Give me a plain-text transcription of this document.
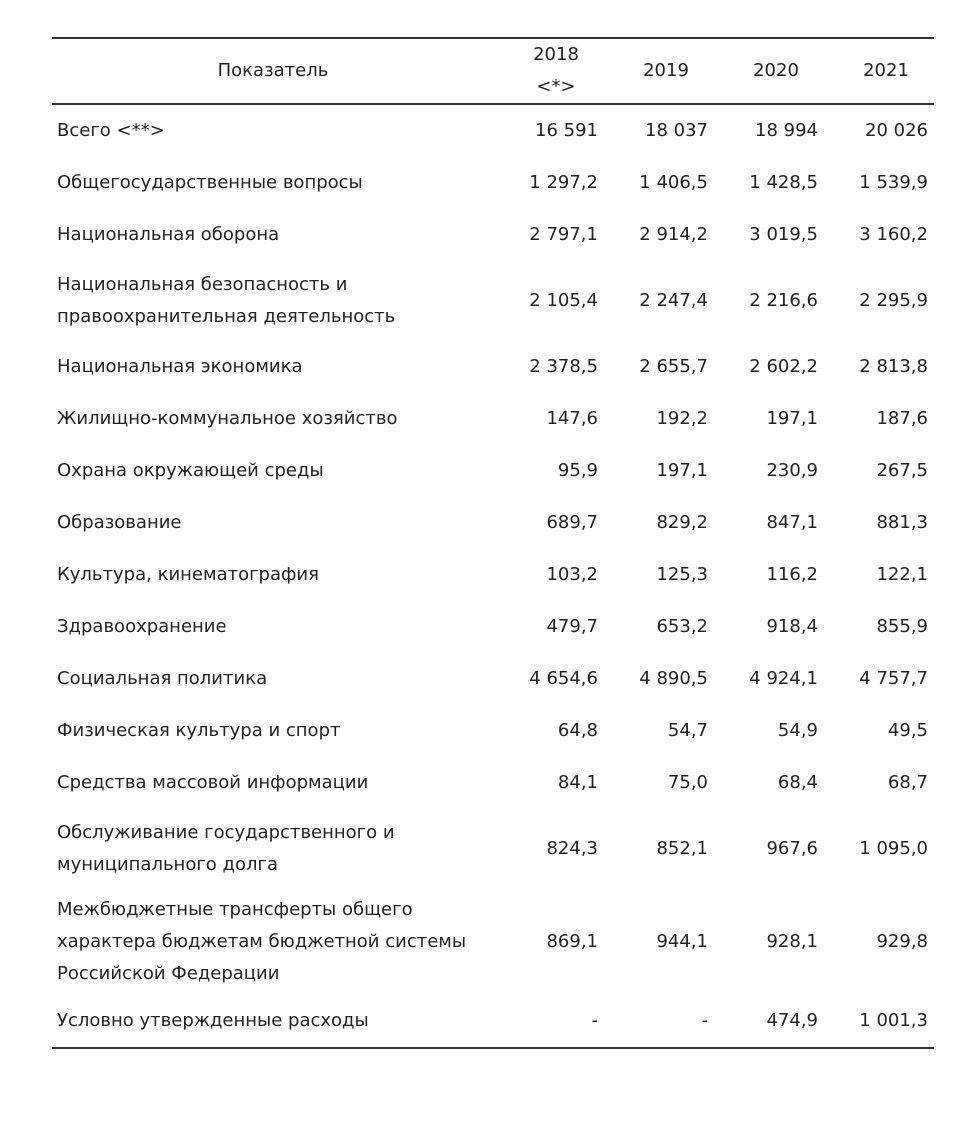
Показатель	2018 <*>	2019	2020	2021
Всего <**>	16 591	18 037	18 994	20 026
Общегосударственные вопросы	1 297,2	1 406,5	1 428,5	1 539,9
Национальная оборона	2 797,1	2 914,2	3 019,5	3 160,2
Национальная безопасность и правоохранительная деятельность	2 105,4	2 247,4	2 216,6	2 295,9
Национальная экономика	2 378,5	2 655,7	2 602,2	2 813,8
Жилищно-коммунальное хозяйство	147,6	192,2	197,1	187,6
Охрана окружающей среды	95,9	197,1	230,9	267,5
Образование	689,7	829,2	847,1	881,3
Культура, кинематография	103,2	125,3	116,2	122,1
Здравоохранение	479,7	653,2	918,4	855,9
Социальная политика	4 654,6	4 890,5	4 924,1	4 757,7
Физическая культура и спорт	64,8	54,7	54,9	49,5
Средства массовой информации	84,1	75,0	68,4	68,7
Обслуживание государственного и муниципального долга	824,3	852,1	967,6	1 095,0
Межбюджетные трансферты общего характера бюджетам бюджетной системы Российской Федерации	869,1	944,1	928,1	929,8
Условно утвержденные расходы	-	-	474,9	1 001,3
